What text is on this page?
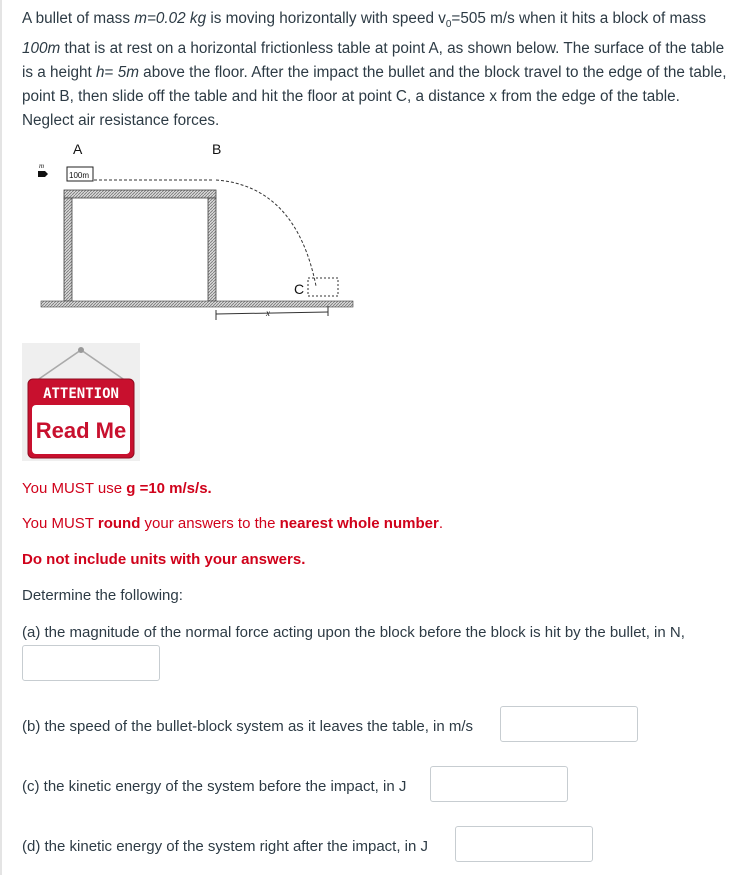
A bullet of mass m=0.02 kg is moving horizontally with speed $v_0=505$ m/s when it hits a block of mass 100m that is at rest on a horizontal frictionless table at point A, as shown below. The surface of the table is a height h= 5m above the floor. After the impact the bullet and the block travel to the edge of the table, point B, then slide off the table and hit the floor at point C, a distance x from the edge of the table. Neglect air resistance forces.
A	B
m
100m
C
x
ATTENTION
Read Me
You MUST use g =10 m/s/s.
You MUST round your answers to the nearest whole number.
Do not include units with your answers.
Determine the following:
(a) the magnitude of the normal force acting upon the block before the block is hit by the bullet, in N,
(b) the speed of the bullet-block system as it leaves the table, in m/s
(c) the kinetic energy of the system before the impact, in J
(d) the kinetic energy of the system right after the impact, in J
